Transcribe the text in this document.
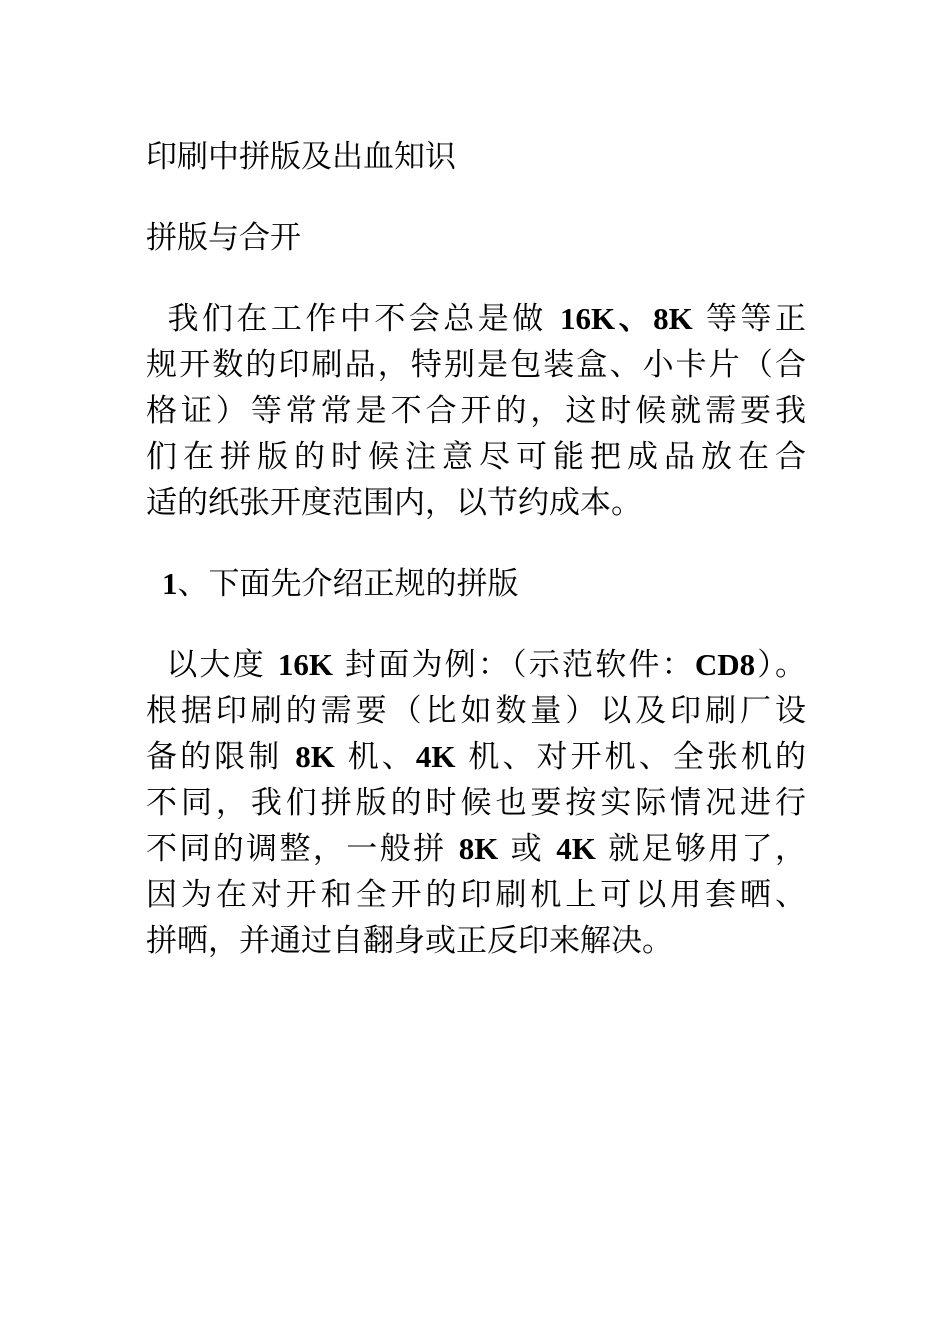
印刷中拼版及出血知识
拼版与合开
我们在工作中不会总是做 16K、8K 等等正
规开数的印刷品，特别是包装盒、小卡片（合
格证）等常常是不合开的，这时候就需要我
们在拼版的时候注意尽可能把成品放在合
适的纸张开度范围内，以节约成本。
1、下面先介绍正规的拼版
以大度 16K 封面为例：（示范软件：CD8）。
根据印刷的需要（比如数量）以及印刷厂设
备的限制 8K 机、4K 机、对开机、全张机的
不同，我们拼版的时候也要按实际情况进行
不同的调整，一般拼 8K 或 4K 就足够用了，
因为在对开和全开的印刷机上可以用套晒、
拼晒，并通过自翻身或正反印来解决。
